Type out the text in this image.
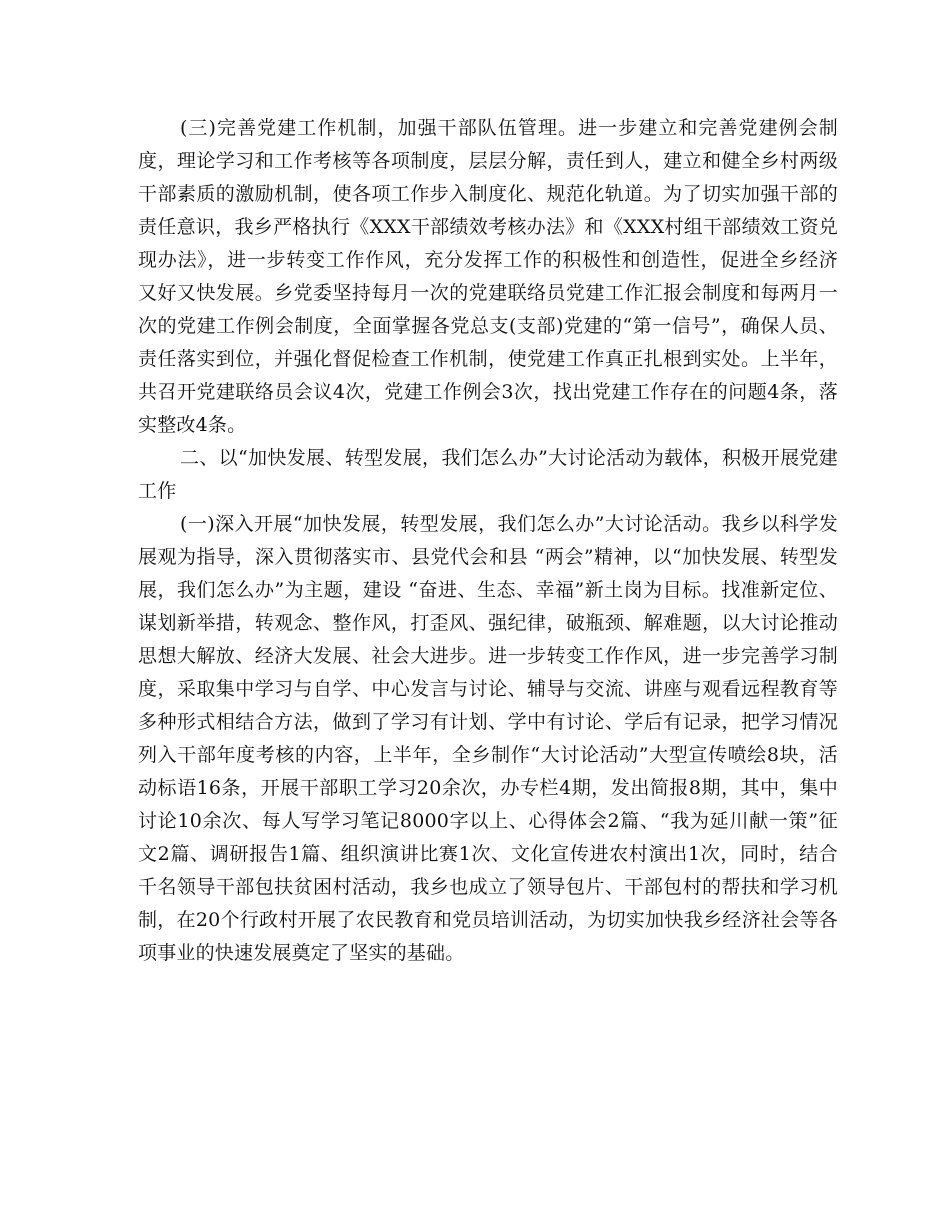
(三)完善党建工作机制，加强干部队伍管理。进一步建立和完善党建例会制度，理论学习和工作考核等各项制度，层层分解，责任到人，建立和健全乡村两级干部素质的激励机制，使各项工作步入制度化、规范化轨道。为了切实加强干部的责任意识，我乡严格执行《XXX干部绩效考核办法》和《XXX村组干部绩效工资兑现办法》，进一步转变工作作风，充分发挥工作的积极性和创造性，促进全乡经济又好又快发展。乡党委坚持每月一次的党建联络员党建工作汇报会制度和每两月一次的党建工作例会制度，全面掌握各党总支(支部)党建的“第一信号”，确保人员、责任落实到位，并强化督促检查工作机制，使党建工作真正扎根到实处。上半年，共召开党建联络员会议4次，党建工作例会3次，找出党建工作存在的问题4条，落实整改4条。

二、以“加快发展、转型发展，我们怎么办”大讨论活动为载体，积极开展党建工作

(一)深入开展“加快发展，转型发展，我们怎么办”大讨论活动。我乡以科学发展观为指导，深入贯彻落实市、县党代会和县 “两会”精神，以“加快发展、转型发展，我们怎么办”为主题，建设 “奋进、生态、幸福”新土岗为目标。找准新定位、谋划新举措，转观念、整作风，打歪风、强纪律，破瓶颈、解难题，以大讨论推动思想大解放、经济大发展、社会大进步。进一步转变工作作风，进一步完善学习制度，采取集中学习与自学、中心发言与讨论、辅导与交流、讲座与观看远程教育等多种形式相结合方法，做到了学习有计划、学中有讨论、学后有记录，把学习情况列入干部年度考核的内容，上半年，全乡制作“大讨论活动”大型宣传喷绘8块，活动标语16条，开展干部职工学习20余次，办专栏4期，发出简报8期，其中，集中讨论10余次、每人写学习笔记8000字以上、心得体会2篇、“我为延川献一策”征文2篇、调研报告1篇、组织演讲比赛1次、文化宣传进农村演出1次，同时，结合千名领导干部包扶贫困村活动，我乡也成立了领导包片、干部包村的帮扶和学习机制，在20个行政村开展了农民教育和党员培训活动，为切实加快我乡经济社会等各项事业的快速发展奠定了坚实的基础。
